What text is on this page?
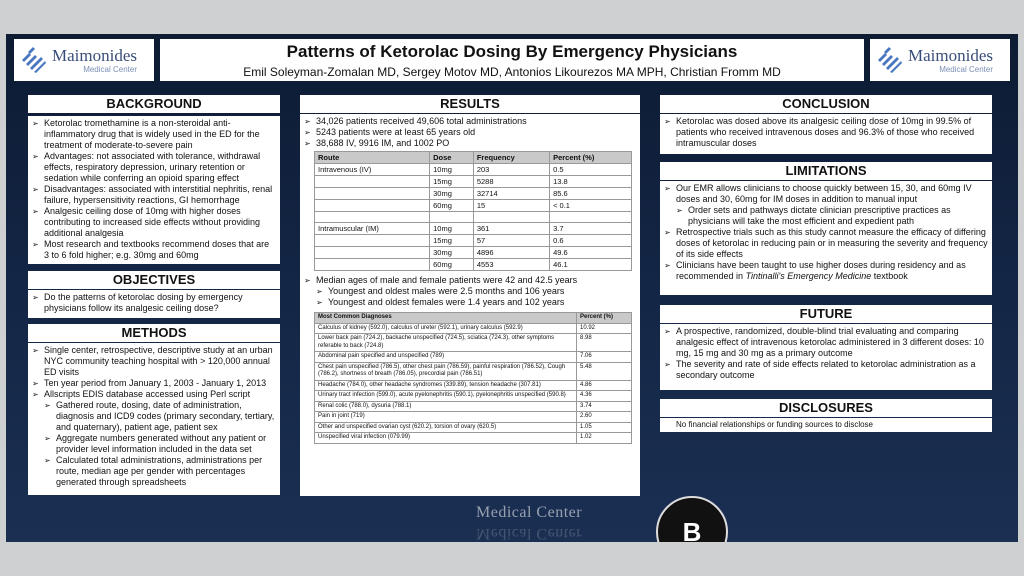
Medical Center
Medical Center	B
Maimonides
Medical Center
Maimonides
Medical Center
Patterns of Ketorolac Dosing By Emergency Physicians
Emil Soleyman-Zomalan MD, Sergey Motov MD, Antonios Likourezos MA MPH, Christian Fromm MD
BACKGROUND
➢ Ketorolac tromethamine is a non-steroidal anti-inflammatory drug that is widely used in the ED for the treatment of moderate-to-severe pain
➢ Advantages: not associated with tolerance, withdrawal effects, respiratory depression, urinary retention or sedation while conferring an opioid sparing effect
➢ Disadvantages: associated with interstitial nephritis, renal failure, hypersensitivity reactions, GI hemorrhage
➢ Analgesic ceiling dose of 10mg with higher doses contributing to increased side effects without providing additional analgesia
➢ Most research and textbooks recommend doses that are 3 to 6 fold higher; e.g. 30mg and 60mg
OBJECTIVES
➢ Do the patterns of ketorolac dosing by emergency physicians follow its analgesic ceiling dose?
METHODS
➢ Single center, retrospective, descriptive study at an urban NYC community teaching hospital with > 120,000 annual ED visits
➢ Ten year period from January 1, 2003 - January 1, 2013
➢ Allscripts EDIS database accessed using Perl script
➢ Gathered route, dosing, date of administration, diagnosis and ICD9 codes (primary secondary, tertiary, and quaternary), patient age, patient sex
➢ Aggregate numbers generated without any patient or provider level information included in the data set
➢ Calculated total administrations, administrations per route, median age per gender with percentages generated through spreadsheets
RESULTS
➢ 34,026 patients received 49,606 total administrations
➢ 5243 patients were at least 65 years old
➢ 38,688 IV, 9916 IM, and 1002 PO
Route	Dose	Frequency	Percent (%)
Intravenous (IV)	10mg	203	0.5
	15mg	5288	13.8
	30mg	32714	85.6
	60mg	15	< 0.1

Intramuscular (IM)	10mg	361	3.7
	15mg	57	0.6
	30mg	4896	49.6
	60mg	4553	46.1
➢ Median ages of male and female patients were 42 and 42.5 years
➢ Youngest and oldest males were 2.5 months and 106 years
➢ Youngest and oldest females were 1.4 years and 102 years
Most Common Diagnoses	Percent (%)
Calculus of kidney (592.0), calculus of ureter (592.1), urinary calculus (592.9)	10.92
Lower back pain (724.2), backache unspecified (724.5), sciatica (724.3), other symptoms referable to back (724.8)	8.98
Abdominal pain specified and unspecified (789)	7.06
Chest pain unspecified (786.5), other chest pain (786.59), painful respiration (786.52), Cough (786.2), shortness of breath (786.05), precordial pain (786.51)	5.48
Headache (784.0), other headache syndromes (339.89), tension headache (307.81)	4.86
Urinary tract infection (599.0), acute pyelonephritis (590.1), pyelonephritis unspecified (590.8)	4.36
Renal colic (788.0), dysuria (788.1)	3.74
Pain in joint (719)	2.60
Other and unspecified ovarian cyst (620.2), torsion of ovary (620.5)	1.05
Unspecified viral infection (079.99)	1.02
CONCLUSION
➢ Ketorolac was dosed above its analgesic ceiling dose of 10mg in 99.5% of patients who received intravenous doses and 96.3% of those who received intramuscular doses
LIMITATIONS
➢ Our EMR allows clinicians to choose quickly between 15, 30, and 60mg IV doses and 30, 60mg for IM doses in addition to manual input
➢ Order sets and pathways dictate clinician prescriptive practices as physicians will take the most efficient and expedient path
➢ Retrospective trials such as this study cannot measure the efficacy of differing doses of ketorolac in reducing pain or in measuring the severity and frequency of its side effects
➢ Clinicians have been taught to use higher doses during residency and as recommended in Tintinalli's Emergency Medicine textbook
FUTURE
➢ A prospective, randomized, double-blind trial evaluating and comparing analgesic effect of intravenous ketorolac administered in 3 different doses: 10 mg, 15 mg and 30 mg as a primary outcome
➢ The severity and rate of side effects related to ketorolac administration as a secondary outcome
DISCLOSURES
No financial relationships or funding sources to disclose
